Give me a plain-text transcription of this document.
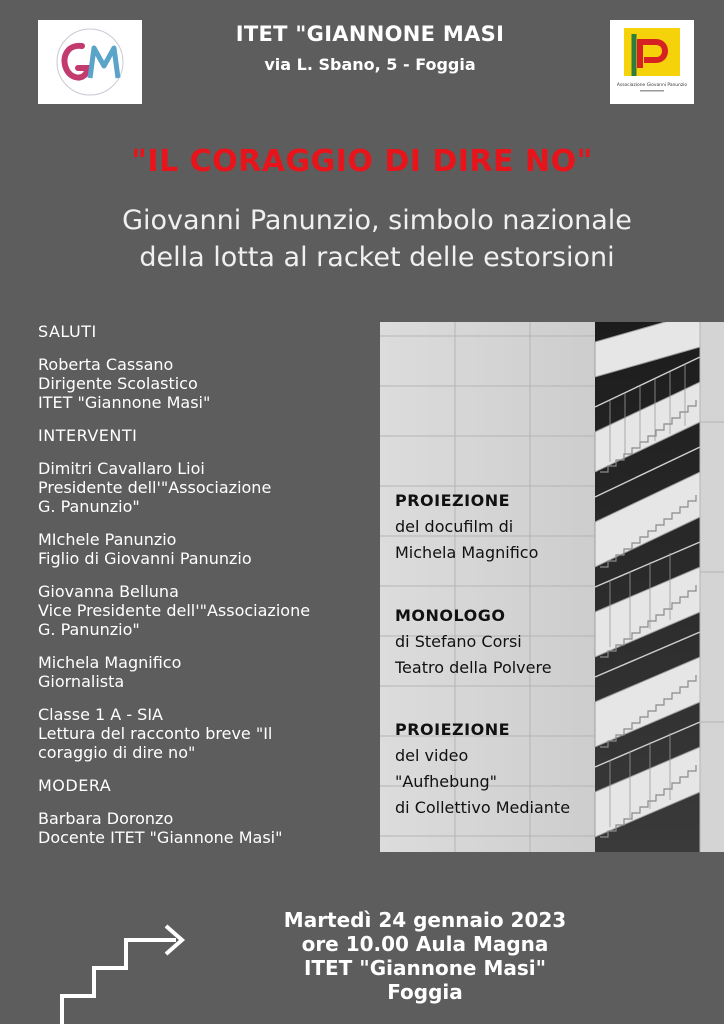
Associazione Giovanni Panunzio
ITET "GIANNONE MASI
via L. Sbano, 5 - Foggia
"IL CORAGGIO DI DIRE NO"
Giovanni Panunzio, simbolo nazionale
della lotta al racket delle estorsioni
SALUTI
Roberta Cassano
Dirigente Scolastico
ITET "Giannone Masi"
INTERVENTI
Dimitri Cavallaro Lioi
Presidente dell'"Associazione
G. Panunzio"
MIchele Panunzio
Figlio di Giovanni Panunzio
Giovanna Belluna
Vice Presidente dell'"Associazione
G. Panunzio"
Michela Magnifico
Giornalista
Classe 1 A - SIA
Lettura del racconto breve "Il
coraggio di dire no"
MODERA
Barbara Doronzo
Docente ITET "Giannone Masi"
PROIEZIONE
del docufilm di
Michela Magnifico
MONOLOGO
di Stefano Corsi
Teatro della Polvere
PROIEZIONE
del video
"Aufhebung"
di Collettivo Mediante
Martedì 24 gennaio 2023
ore 10.00 Aula Magna
ITET "Giannone Masi"
Foggia
